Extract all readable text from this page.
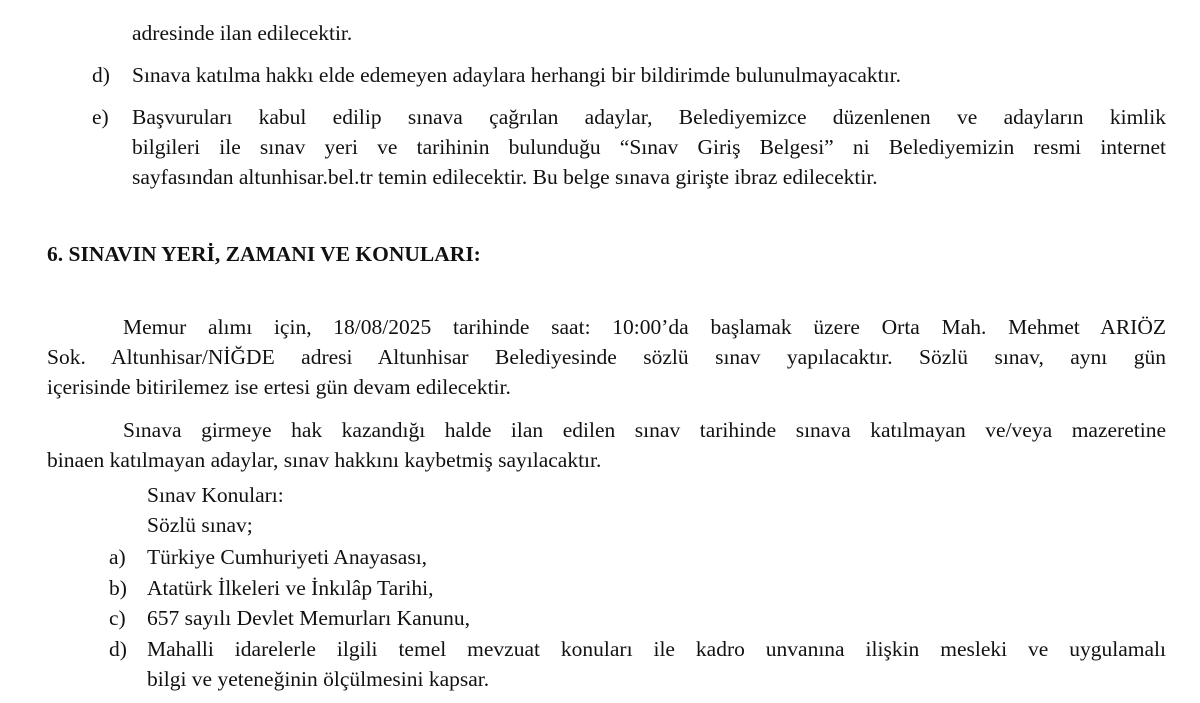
adresinde ilan edilecektir.
d) Sınava katılma hakkı elde edemeyen adaylara herhangi bir bildirimde bulunulmayacaktır.
e) Başvuruları kabul edilip sınava çağrılan adaylar, Belediyemizce düzenlenen ve adayların kimlik
bilgileri ile sınav yeri ve tarihinin bulunduğu “Sınav Giriş Belgesi” ni Belediyemizin resmi internet
sayfasından altunhisar.bel.tr temin edilecektir. Bu belge sınava girişte ibraz edilecektir.
6. SINAVIN YERİ, ZAMANI VE KONULARI:
Memur alımı için, 18/08/2025 tarihinde saat: 10:00’da başlamak üzere Orta Mah. Mehmet ARIÖZ
Sok. Altunhisar/NİĞDE adresi Altunhisar Belediyesinde sözlü sınav yapılacaktır. Sözlü sınav, aynı gün
içerisinde bitirilemez ise ertesi gün devam edilecektir.
Sınava girmeye hak kazandığı halde ilan edilen sınav tarihinde sınava katılmayan ve/veya mazeretine
binaen katılmayan adaylar, sınav hakkını kaybetmiş sayılacaktır.
Sınav Konuları:
Sözlü sınav;
a) Türkiye Cumhuriyeti Anayasası,
b) Atatürk İlkeleri ve İnkılâp Tarihi,
c) 657 sayılı Devlet Memurları Kanunu,
d) Mahalli idarelerle ilgili temel mevzuat konuları ile kadro unvanına ilişkin mesleki ve uygulamalı
bilgi ve yeteneğinin ölçülmesini kapsar.
